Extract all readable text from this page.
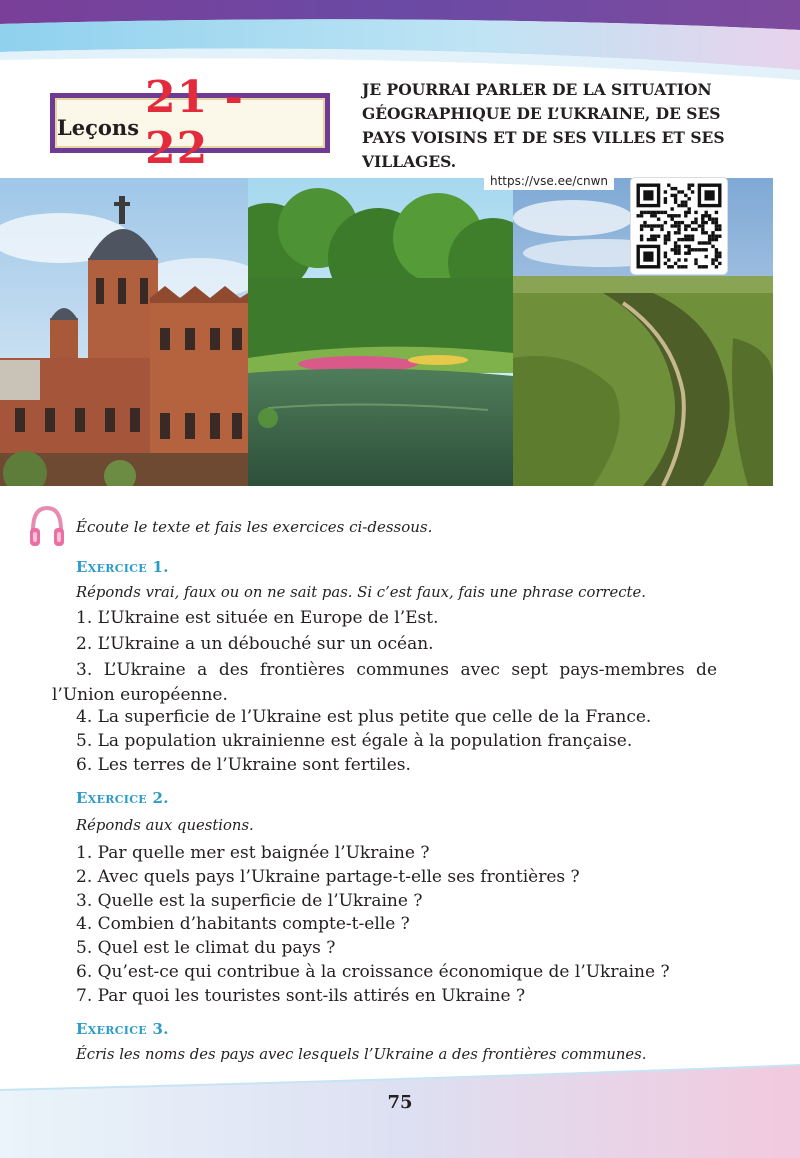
Leçons
21 - 22
JE POURRAI PARLER DE LA SITUATION GÉOGRAPHIQUE DE L’UKRAINE, DE SES PAYS VOISINS ET DE SES VILLES ET SES VILLAGES.
https://vse.ee/cnwn
Écoute le texte et fais les exercices ci-dessous.
Exercice 1.
Réponds vrai, faux ou on ne sait pas. Si c’est faux, fais une phrase correcte.
1. L’Ukraine est située en Europe de l’Est.
2. L’Ukraine a un débouché sur un océan.
3. L’Ukraine a des frontières communes avec sept pays-membres de l’Union européenne.
4. La superficie de l’Ukraine est plus petite que celle de la France.
5. La population ukrainienne est égale à la population française.
6. Les terres de l’Ukraine sont fertiles.
Exercice 2.
Réponds aux questions.
1. Par quelle mer est baignée l’Ukraine ?
2. Avec quels pays l’Ukraine partage-t-elle ses frontières ?
3. Quelle est la superficie de l’Ukraine ?
4. Combien d’habitants compte-t-elle ?
5. Quel est le climat du pays ?
6. Qu’est-ce qui contribue à la croissance économique de l’Ukraine ?
7. Par quoi les touristes sont-ils attirés en Ukraine ?
Exercice 3.
Écris les noms des pays avec lesquels l’Ukraine a des frontières communes.
75
